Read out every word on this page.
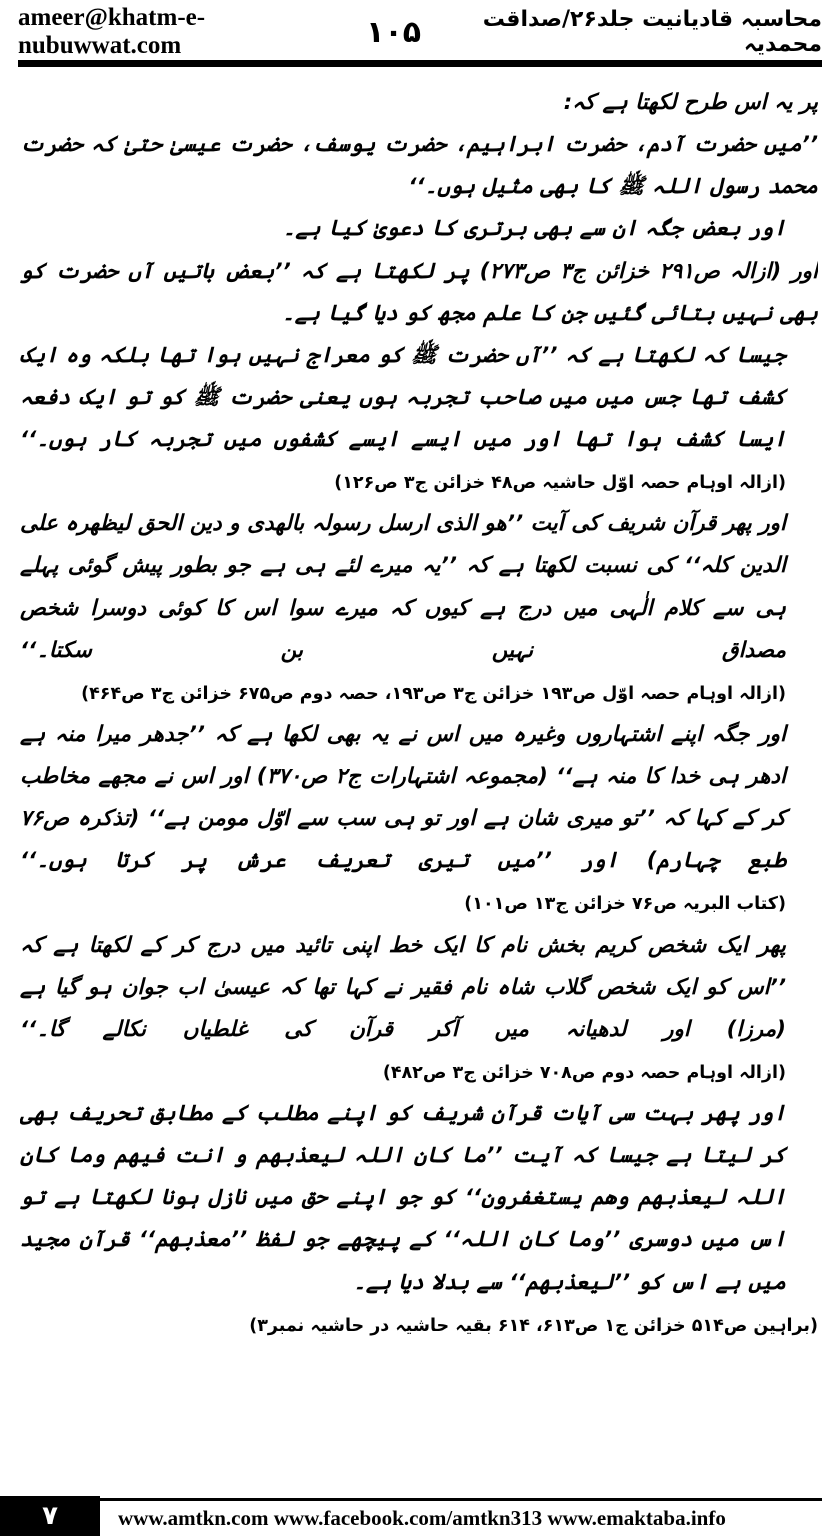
ameer@khatm-e-nubuwwat.com	۱۰۵	محاسبہ قادیانیت جلد۲۶/صداقت محمدیہ

پر یہ اس طرح لکھتا ہے کہ:

’’میں حضرت آدم، حضرت ابراہیم، حضرت یوسف، حضرت عیسیٰ حتیٰ کہ حضرت محمد رسول اللہ ﷺ کا بھی مثیل ہوں۔‘‘

اور بعض جگہ ان سے بھی برتری کا دعویٰ کیا ہے۔

اور (ازالہ ص۲۹۱ خزائن ج۳ ص۲۷۳) پر لکھتا ہے کہ ’’بعض باتیں آں حضرت کو بھی نہیں بتائی گئیں جن کا علم مجھ کو دیا گیا ہے۔

جیسا کہ لکھتا ہے کہ ’’آں حضرت ﷺ کو معراج نہیں ہوا تھا بلکہ وہ ایک کشف تھا جس میں میں صاحب تجربہ ہوں یعنی حضرت ﷺ کو تو ایک دفعہ ایسا کشف ہوا تھا اور میں ایسے ایسے کشفوں میں تجربہ کار ہوں۔‘‘ (ازالہ اوہام حصہ اوّل حاشیہ ص۴۸ خزائن ج۳ ص۱۲۶)

اور پھر قرآن شریف کی آیت ’’ھو الذی ارسل رسولہ بالھدی و دین الحق لیظھرہ علی الدین کلہ‘‘ کی نسبت لکھتا ہے کہ ’’یہ میرے لئے ہی ہے جو بطور پیش گوئی پہلے ہی سے کلام الٰہی میں درج ہے کیوں کہ میرے سوا اس کا کوئی دوسرا شخص مصداق نہیں بن سکتا۔‘‘ (ازالہ اوہام حصہ اوّل ص۱۹۳ خزائن ج۳ ص۱۹۳، حصہ دوم ص۶۷۵ خزائن ج۳ ص۴۶۴)

اور جگہ اپنے اشتہاروں وغیرہ میں اس نے یہ بھی لکھا ہے کہ ’’جدھر میرا منہ ہے ادھر ہی خدا کا منہ ہے‘‘ (مجموعہ اشتہارات ج۲ ص۳۷۰) اور اس نے مجھے مخاطب کر کے کہا کہ ’’تو میری شان ہے اور تو ہی سب سے اوّل مومن ہے‘‘ (تذکرہ ص۷۶ طبع چہارم) اور ’’میں تیری تعریف عرش پر کرتا ہوں۔‘‘ (کتاب البریہ ص۷۶ خزائن ج۱۳ ص۱۰۱)

پھر ایک شخص کریم بخش نام کا ایک خط اپنی تائید میں درج کر کے لکھتا ہے کہ ’’اس کو ایک شخص گلاب شاہ نام فقیر نے کہا تھا کہ عیسیٰ اب جوان ہو گیا ہے (مرزا) اور لدھیانہ میں آکر قرآن کی غلطیاں نکالے گا۔‘‘ (ازالہ اوہام حصہ دوم ص۷۰۸ خزائن ج۳ ص۴۸۲)

اور پھر بہت سی آیات قرآن شریف کو اپنے مطلب کے مطابق تحریف بھی کر لیتا ہے جیسا کہ آیت ’’ما کان اللہ لیعذبھم و انت فیھم وما کان اللہ لیعذبھم وھم یستغفرون‘‘ کو جو اپنے حق میں نازل ہونا لکھتا ہے تو اس میں دوسری ’’وما کان اللہ‘‘ کے پیچھے جو لفظ ’’معذبھم‘‘ قرآن مجید میں ہے اس کو ’’لیعذبھم‘‘ سے بدلا دیا ہے۔

(براہین ص۵۱۴ خزائن ج۱ ص۶۱۳، ۶۱۴ بقیہ حاشیہ در حاشیہ نمبر۳)

۷	www.amtkn.com www.facebook.com/amtkn313 www.emaktaba.info
